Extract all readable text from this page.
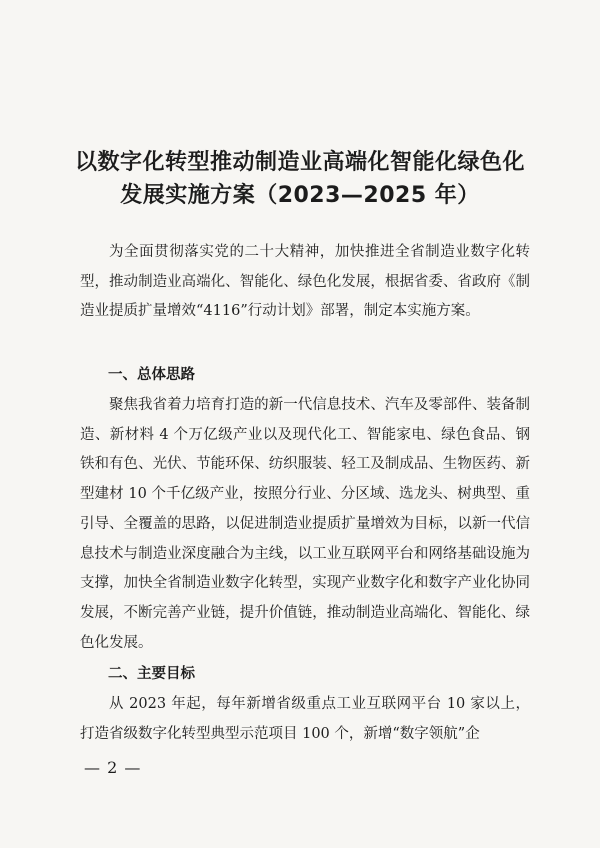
以数字化转型推动制造业高端化智能化绿色化
发展实施方案（2023—2025 年）

为全面贯彻落实党的二十大精神，加快推进全省制造业数字化转型，推动制造业高端化、智能化、绿色化发展，根据省委、省政府《制造业提质扩量增效“4116”行动计划》部署，制定本实施方案。

一、总体思路

聚焦我省着力培育打造的新一代信息技术、汽车及零部件、装备制造、新材料 4 个万亿级产业以及现代化工、智能家电、绿色食品、钢铁和有色、光伏、节能环保、纺织服装、轻工及制成品、生物医药、新型建材 10 个千亿级产业，按照分行业、分区域、选龙头、树典型、重引导、全覆盖的思路，以促进制造业提质扩量增效为目标，以新一代信息技术与制造业深度融合为主线，以工业互联网平台和网络基础设施为支撑，加快全省制造业数字化转型，实现产业数字化和数字产业化协同发展，不断完善产业链，提升价值链，推动制造业高端化、智能化、绿色化发展。

二、主要目标

从 2023 年起，每年新增省级重点工业互联网平台 10 家以上，打造省级数字化转型典型示范项目 100 个，新增“数字领航”企

— 2 —
